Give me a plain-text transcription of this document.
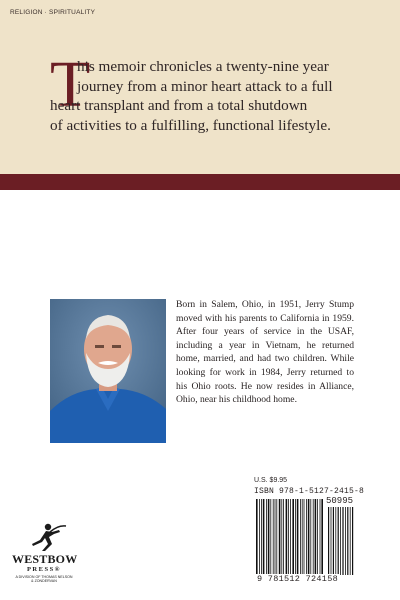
RELIGION · SPIRITUALITY
T
his memoir chronicles a twenty-nine year
journey from a minor heart attack to a full
heart transplant and from a total shutdown
of activities to a fulfilling, functional lifestyle.
Born in Salem, Ohio, in 1951, Jerry Stump moved with his parents to California in 1959. After four years of service in the USAF, including a year in Vietnam, he returned home, married, and had two children. While looking for work in 1984, Jerry returned to his Ohio roots. He now resides in Alliance, Ohio, near his childhood home.
U.S. $9.95
ISBN 978-1-5127-2415-8
50995
9 781512 724158
WESTBOW
PRESS®
A DIVISION OF THOMAS NELSON
& ZONDERVAN
